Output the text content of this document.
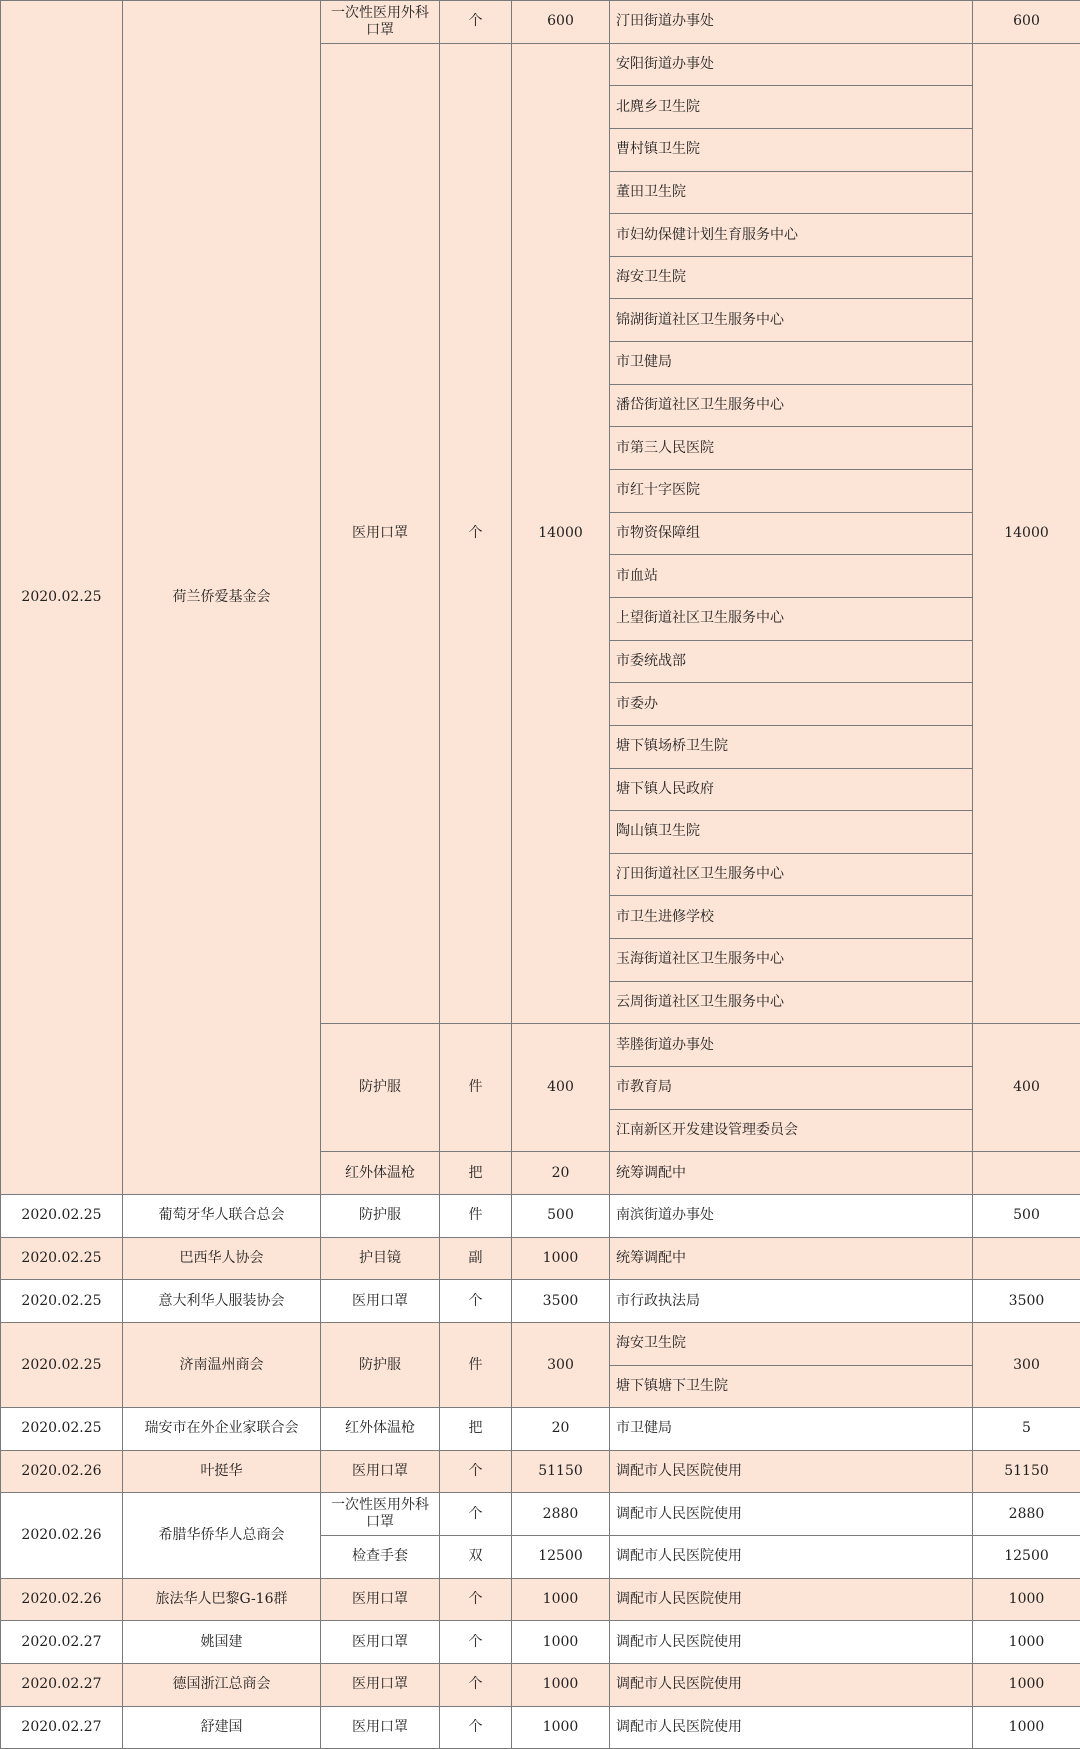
2020.02.25	荷兰侨爱基金会	一次性医用外科口罩	个	600	汀田街道办事处	600
		医用口罩	个	14000	安阳街道办事处	14000
					北麂乡卫生院	
					曹村镇卫生院	
					董田卫生院	
					市妇幼保健计划生育服务中心	
					海安卫生院	
					锦湖街道社区卫生服务中心	
					市卫健局	
					潘岱街道社区卫生服务中心	
					市第三人民医院	
					市红十字医院	
					市物资保障组	
					市血站	
					上望街道社区卫生服务中心	
					市委统战部	
					市委办	
					塘下镇场桥卫生院	
					塘下镇人民政府	
					陶山镇卫生院	
					汀田街道社区卫生服务中心	
					市卫生进修学校	
					玉海街道社区卫生服务中心	
					云周街道社区卫生服务中心	
		防护服	件	400	莘塍街道办事处	400
					市教育局	
					江南新区开发建设管理委员会	
		红外体温枪	把	20	统筹调配中	
2020.02.25	葡萄牙华人联合总会	防护服	件	500	南滨街道办事处	500
2020.02.25	巴西华人协会	护目镜	副	1000	统筹调配中	
2020.02.25	意大利华人服装协会	医用口罩	个	3500	市行政执法局	3500
2020.02.25	济南温州商会	防护服	件	300	海安卫生院	300
					塘下镇塘下卫生院	
2020.02.25	瑞安市在外企业家联合会	红外体温枪	把	20	市卫健局	5
2020.02.26	叶挺华	医用口罩	个	51150	调配市人民医院使用	51150
2020.02.26	希腊华侨华人总商会	一次性医用外科口罩	个	2880	调配市人民医院使用	2880
		检查手套	双	12500	调配市人民医院使用	12500
2020.02.26	旅法华人巴黎G-16群	医用口罩	个	1000	调配市人民医院使用	1000
2020.02.27	姚国建	医用口罩	个	1000	调配市人民医院使用	1000
2020.02.27	德国浙江总商会	医用口罩	个	1000	调配市人民医院使用	1000
2020.02.27	舒建国	医用口罩	个	1000	调配市人民医院使用	1000
